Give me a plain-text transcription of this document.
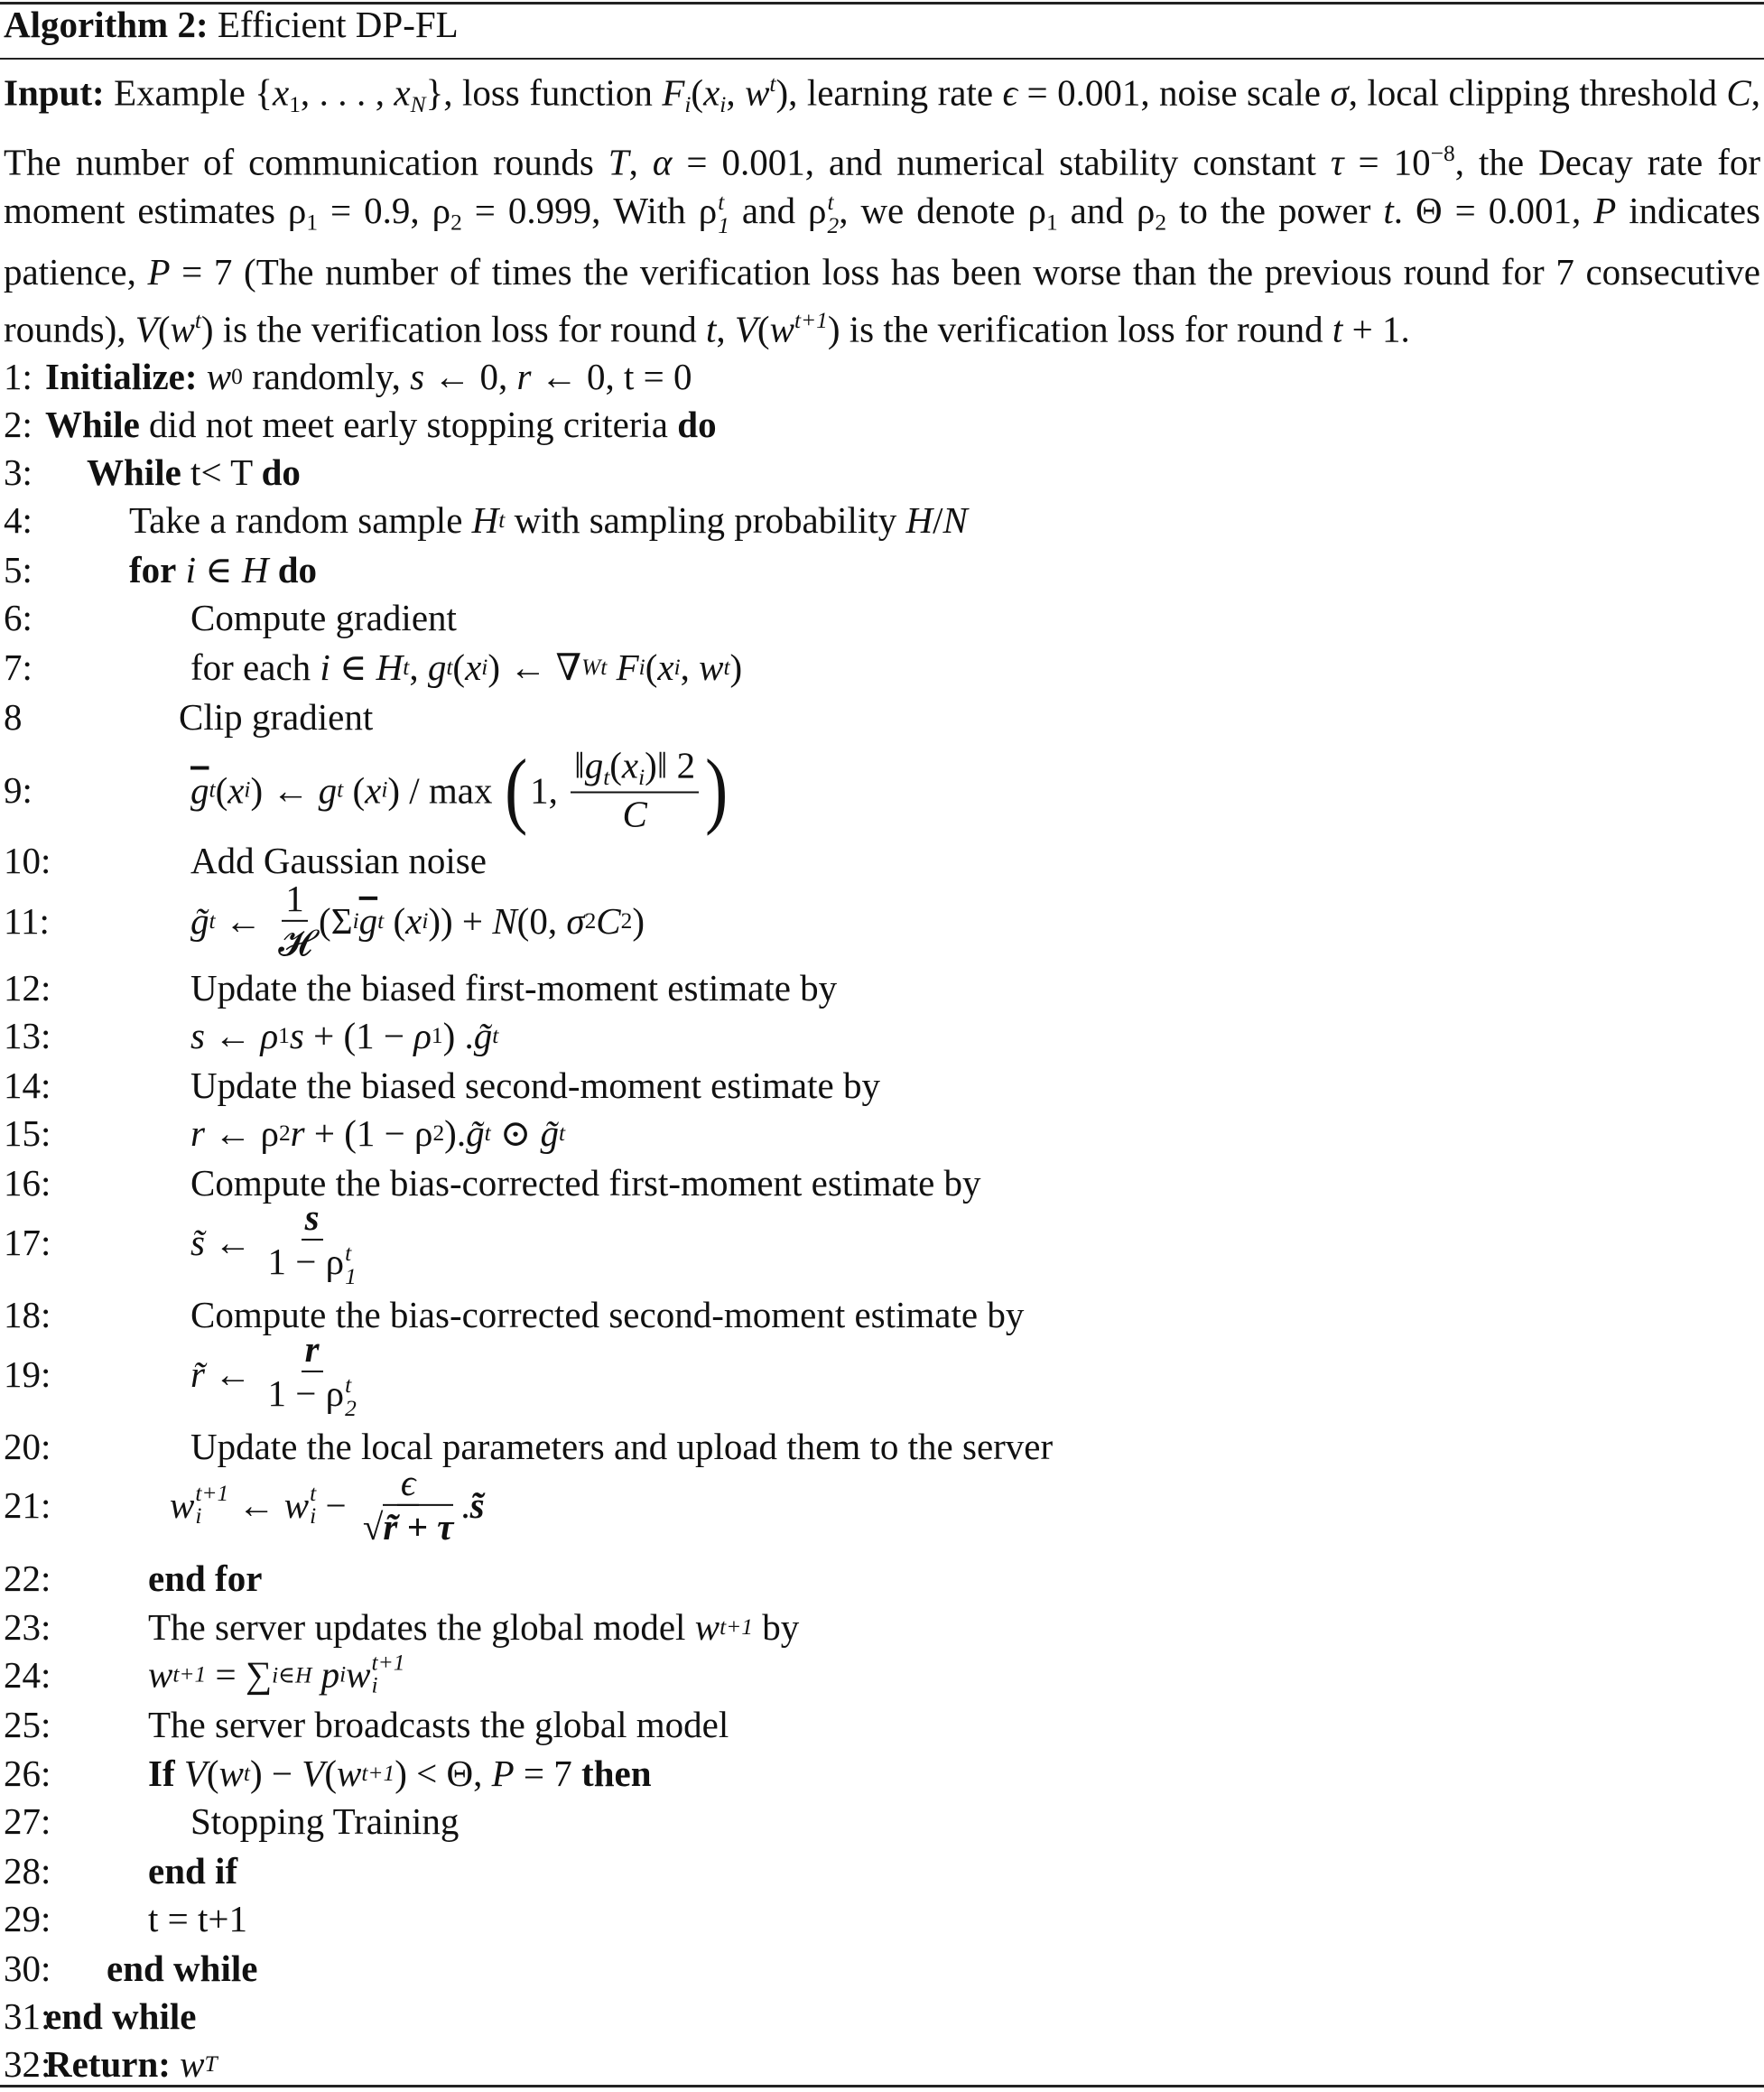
Algorithm 2: Efficient DP-FL

Input: Example {$x_1$, . . . , xN}, loss function Fi(xi, $w^t$), learning rate ϵ = 0.001, noise scale σ, local clipping threshold C, The number of communication rounds T, α = 0.001, and numerical stability constant $\tau = 10^{-8}$, the Decay rate for moment estimates $\rho_1 = 0.9$, $\rho_2 = 0.999$, With ρ t
1 and ρ t
2 , we denote $\rho_1$ and $\rho_2$ to the power t. Θ = 0.001, P indicates patience, P = 7 (The number of times the verification loss has been worse than the previous round for 7 consecutive rounds), $V(w^t)$ is the verification loss for round t, $V(w^{t+1})$ is the verification loss for round t + 1.

1: Initialize:
w 0 randomly, s ← 0, r ← 0, t = 0
2: While did not meet early stopping criteria do
3: While t< T do
4:	Take a random sample H t with sampling probability H / N
5:	for
i ∈ H
do
6:	Compute gradient
7:	for each i ∈ H t , g t ( x i ) ← ∇ W t
F i ( x i , w t )
8	Clip gradient
9:	$\overline{g}$ t ( x i ) ← g t ( x i ) / max ( 1, $\frac{‖gt(xi)‖ 2}{C}$ )
10:	Add Gaussian noise
11:	g̃ t ← $\frac{1}{\text{𝓗}} (\Sigma$ i $\overline{g}$ t ( x i )) + N (0, σ 2 C 2 )
12:	Update the biased first-moment estimate by
13:	s ← ρ 1 s + (1 − ρ 1 ) . g̃ t
14:	Update the biased second-moment estimate by
15:	r ← ρ 2 r + (1 − ρ 2 ). g̃ t ⊙ g̃ t
16:	Compute the bias-corrected first-moment estimate by
17:	s̃ ← s
1 − ρ t
1
18:	Compute the bias-corrected second-moment estimate by
19:	r̃ ← r
1 − ρ t
2
20:	Update the local parameters and upload them to the server
21:	w t+1
i ← w t
$i - \frac{\epsilon}{√r̃ + \tau}$ . s̃
22:	end for
23:	The server updates the global model w t+1 by
24:	w t+1 = ∑ i∈H
p i w t+1
i
25:	The server broadcasts the global model
26:	If
V ( w t ) − V ( w t+1 ) < Θ, P = 7 then
27:	Stopping Training
28:	end if
29:	t = t+1
30: end while
31:
end while
32:
Return:
w T
